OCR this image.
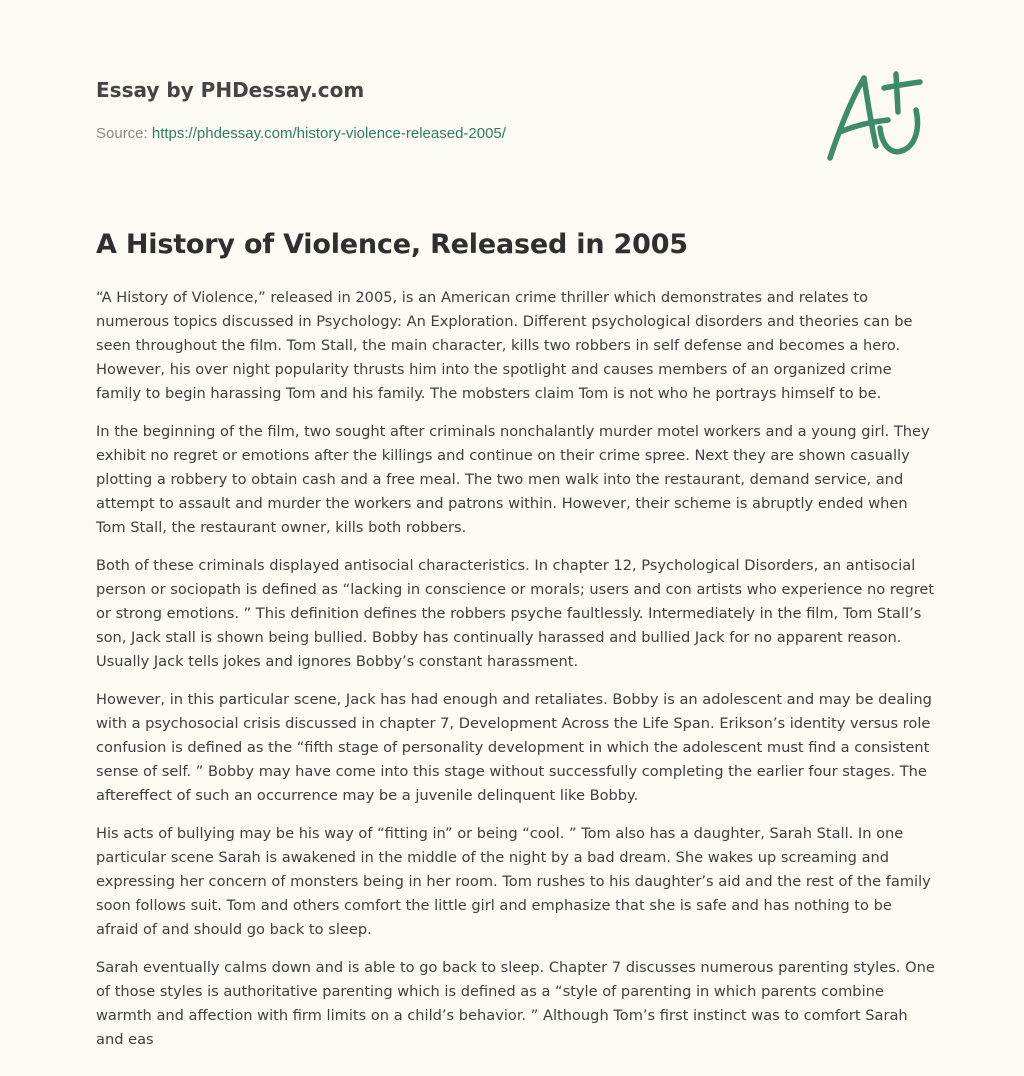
Essay by PHDessay.com
Source: https://phdessay.com/history-violence-released-2005/
A History of Violence, Released in 2005

“A History of Violence,” released in 2005, is an American crime thriller which demonstrates and relates to numerous topics discussed in Psychology: An Exploration. Different psychological disorders and theories can be seen throughout the film. Tom Stall, the main character, kills two robbers in self defense and becomes a hero. However, his over night popularity thrusts him into the spotlight and causes members of an organized crime family to begin harassing Tom and his family. The mobsters claim Tom is not who he portrays himself to be.

In the beginning of the film, two sought after criminals nonchalantly murder motel workers and a young girl. They exhibit no regret or emotions after the killings and continue on their crime spree. Next they are shown casually plotting a robbery to obtain cash and a free meal. The two men walk into the restaurant, demand service, and attempt to assault and murder the workers and patrons within. However, their scheme is abruptly ended when Tom Stall, the restaurant owner, kills both robbers.

Both of these criminals displayed antisocial characteristics. In chapter 12, Psychological Disorders, an antisocial person or sociopath is defined as “lacking in conscience or morals; users and con artists who experience no regret or strong emotions. ” This definition defines the robbers psyche faultlessly. Intermediately in the film, Tom Stall’s son, Jack stall is shown being bullied. Bobby has continually harassed and bullied Jack for no apparent reason. Usually Jack tells jokes and ignores Bobby’s constant harassment.

However, in this particular scene, Jack has had enough and retaliates. Bobby is an adolescent and may be dealing with a psychosocial crisis discussed in chapter 7, Development Across the Life Span. Erikson’s identity versus role confusion is defined as the “fifth stage of personality development in which the adolescent must find a consistent sense of self. ” Bobby may have come into this stage without successfully completing the earlier four stages. The aftereffect of such an occurrence may be a juvenile delinquent like Bobby.

His acts of bullying may be his way of “fitting in” or being “cool. ” Tom also has a daughter, Sarah Stall. In one particular scene Sarah is awakened in the middle of the night by a bad dream. She wakes up screaming and expressing her concern of monsters being in her room. Tom rushes to his daughter’s aid and the rest of the family soon follows suit. Tom and others comfort the little girl and emphasize that she is safe and has nothing to be afraid of and should go back to sleep.

Sarah eventually calms down and is able to go back to sleep. Chapter 7 discusses numerous parenting styles. One of those styles is authoritative parenting which is defined as a “style of parenting in which parents combine warmth and affection with firm limits on a child’s behavior. ” Although Tom’s first instinct was to comfort Sarah and eas
